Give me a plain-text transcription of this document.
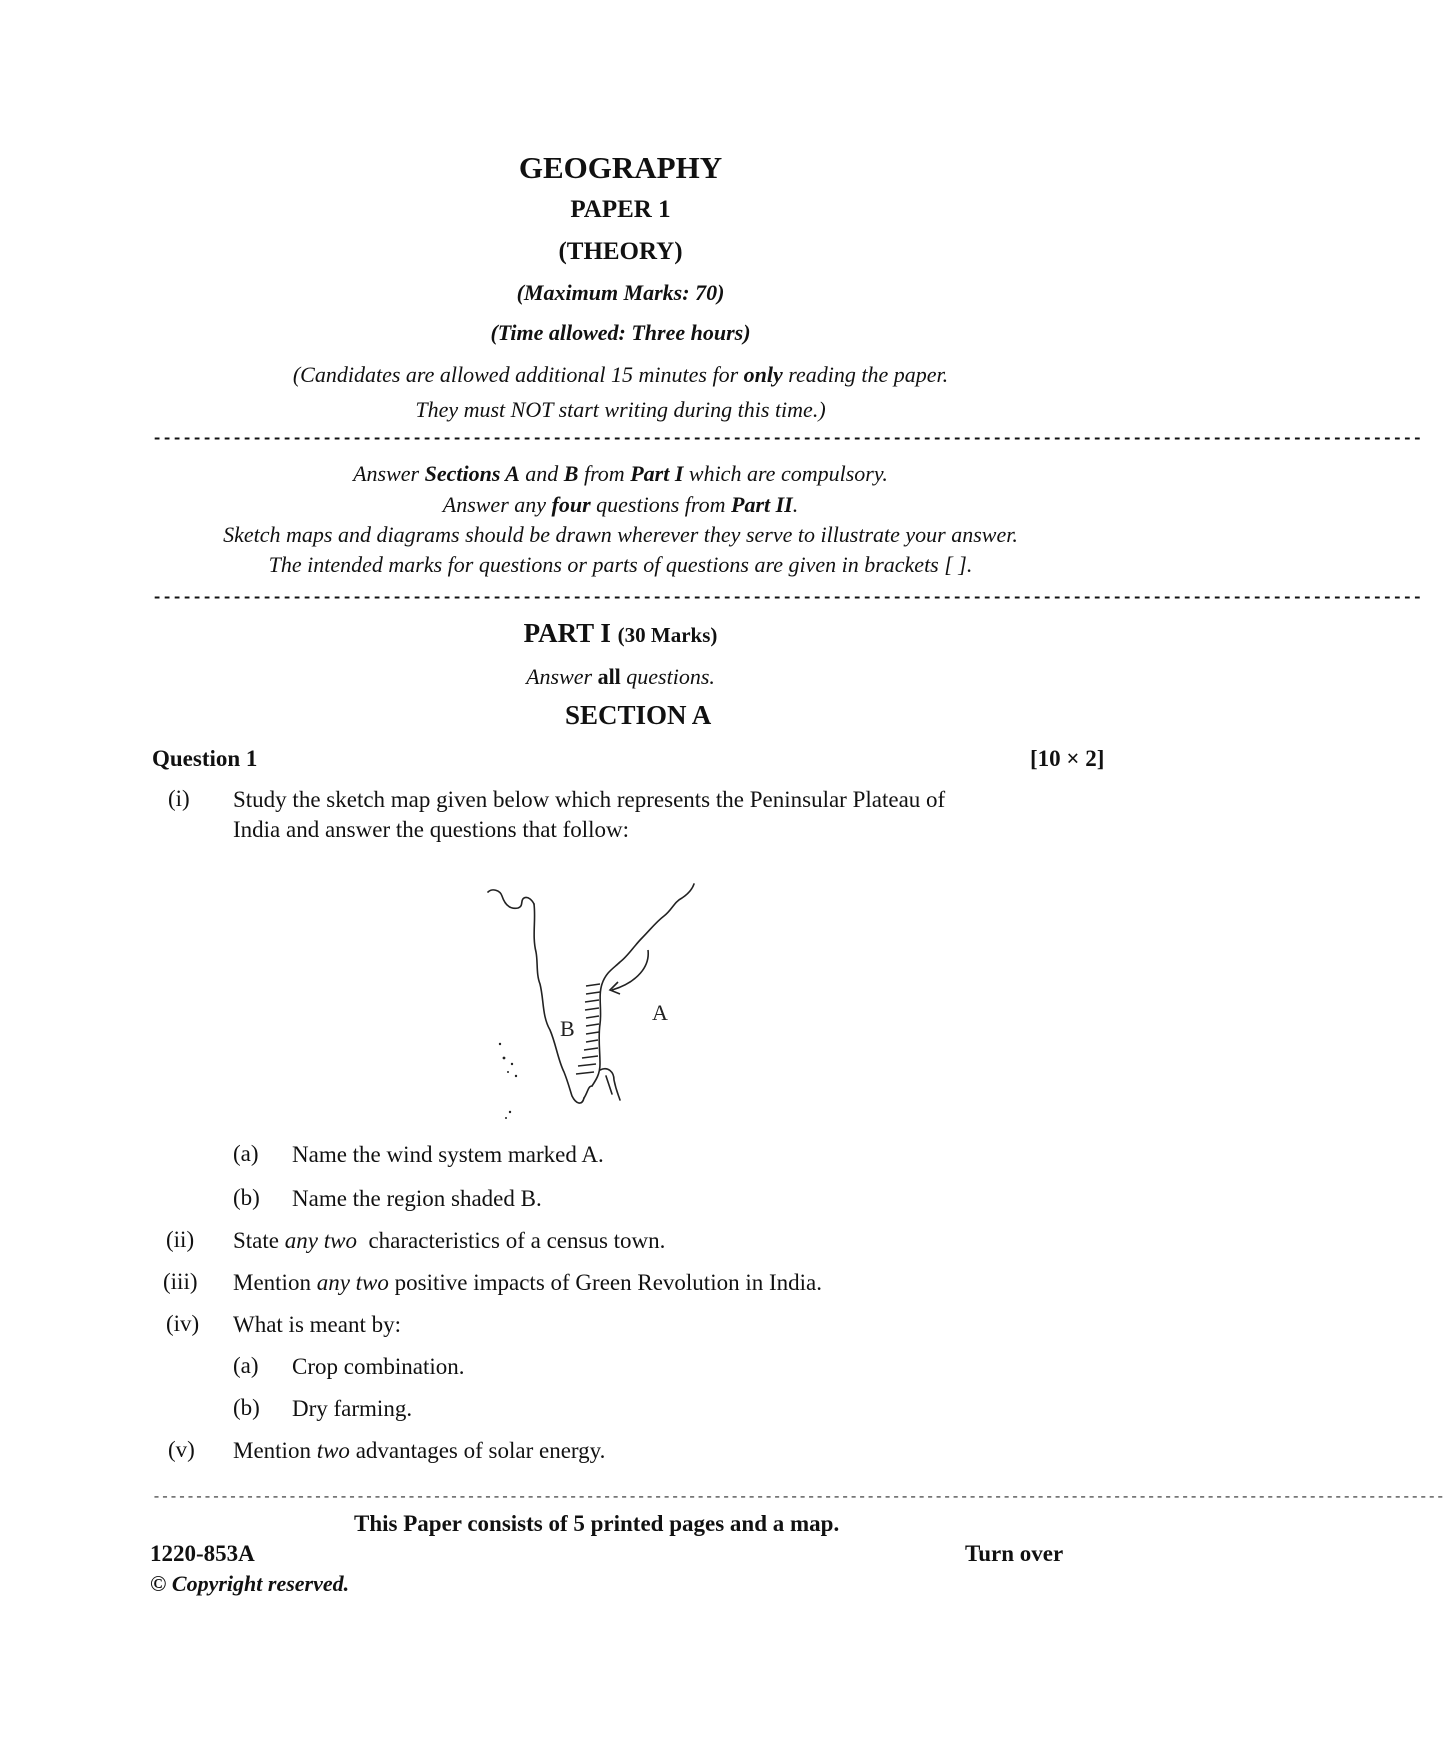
GEOGRAPHY
PAPER 1
(THEORY)
(Maximum Marks: 70)
(Time allowed: Three hours)
(Candidates are allowed additional 15 minutes for only reading the paper.
They must NOT start writing during this time.)
-------------------------------------------------------------------------------------------------------------------------------
Answer Sections A and B from Part I which are compulsory.
Answer any four questions from Part II.
Sketch maps and diagrams should be drawn wherever they serve to illustrate your answer.
The intended marks for questions or parts of questions are given in brackets [ ].
-------------------------------------------------------------------------------------------------------------------------------
PART I (30 Marks)
Answer all questions.
SECTION A
Question 1	[10 × 2]
(i) Study the sketch map given below which represents the Peninsular Plateau of
India and answer the questions that follow:
A
B
(a) Name the wind system marked A.
(b) Name the region shaded B.
(ii) State any two  characteristics of a census town.
(iii) Mention any two positive impacts of Green Revolution in India.
(iv) What is meant by:
(a) Crop combination.
(b) Dry farming.
(v) Mention two advantages of solar energy.
--------------------------------------------------------------------------------------------------------------------------------------------------------
This Paper consists of 5 printed pages and a map.
1220-853A	Turn over
© Copyright reserved.
